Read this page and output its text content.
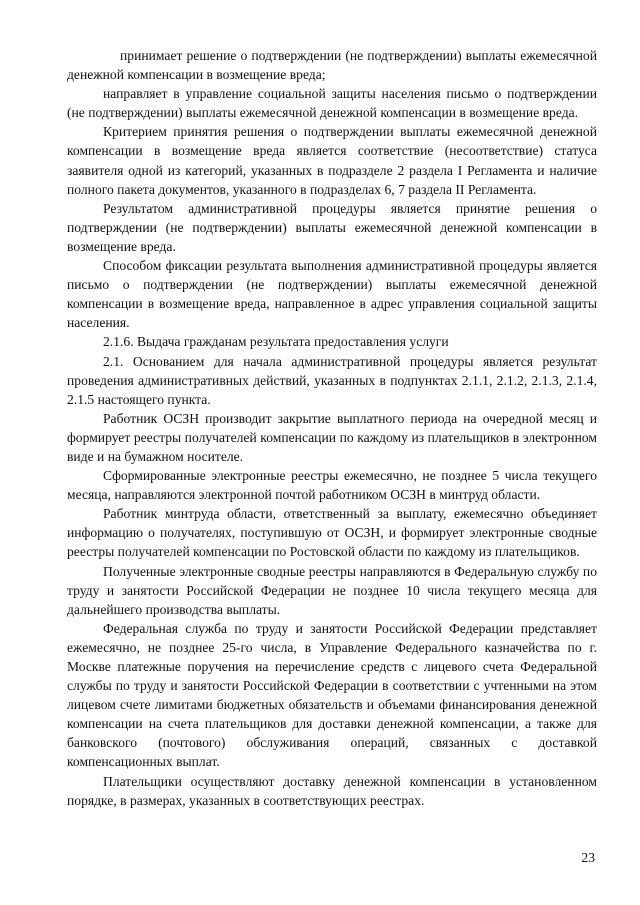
принимает решение о подтверждении (не подтверждении) выплаты ежемесячной денежной компенсации в возмещение вреда;

направляет в управление социальной защиты населения письмо о подтверждении (не подтверждении) выплаты ежемесячной денежной компенсации в возмещение вреда.

Критерием принятия решения о подтверждении выплаты ежемесячной денежной компенсации в возмещение вреда является соответствие (несоответствие) статуса заявителя одной из категорий, указанных в подразделе 2 раздела I Регламента и наличие полного пакета документов, указанного в подразделах 6, 7 раздела II Регламента.

Результатом административной процедуры является принятие решения о подтверждении (не подтверждении) выплаты ежемесячной денежной компенсации в возмещение вреда.

Способом фиксации результата выполнения административной процедуры является письмо о подтверждении (не подтверждении) выплаты ежемесячной денежной компенсации в возмещение вреда, направленное в адрес управления социальной защиты населения.

2.1.6. Выдача гражданам результата предоставления услуги

2.1. Основанием для начала административной процедуры является результат проведения административных действий, указанных в подпунктах 2.1.1, 2.1.2, 2.1.3, 2.1.4, 2.1.5 настоящего пункта.

Работник ОСЗН производит закрытие выплатного периода на очередной месяц и формирует реестры получателей компенсации по каждому из плательщиков в электронном виде и на бумажном носителе.

Сформированные электронные реестры ежемесячно, не позднее 5 числа текущего месяца, направляются электронной почтой работником ОСЗН в минтруд области.

Работник минтруда области, ответственный за выплату, ежемесячно объединяет информацию о получателях, поступившую от ОСЗН, и формирует электронные сводные реестры получателей компенсации по Ростовской области по каждому из плательщиков.

Полученные электронные сводные реестры направляются в Федеральную службу по труду и занятости Российской Федерации не позднее 10 числа текущего месяца для дальнейшего производства выплаты.

Федеральная служба по труду и занятости Российской Федерации представляет ежемесячно, не позднее 25-го числа, в Управление Федерального казначейства по г. Москве платежные поручения на перечисление средств с лицевого счета Федеральной службы по труду и занятости Российской Федерации в соответствии с учтенными на этом лицевом счете лимитами бюджетных обязательств и объемами финансирования денежной компенсации на счета плательщиков для доставки денежной компенсации, а также для банковского (почтового) обслуживания операций, связанных с доставкой компенсационных выплат.

Плательщики осуществляют доставку денежной компенсации в установленном порядке, в размерах, указанных в соответствующих реестрах.

23
